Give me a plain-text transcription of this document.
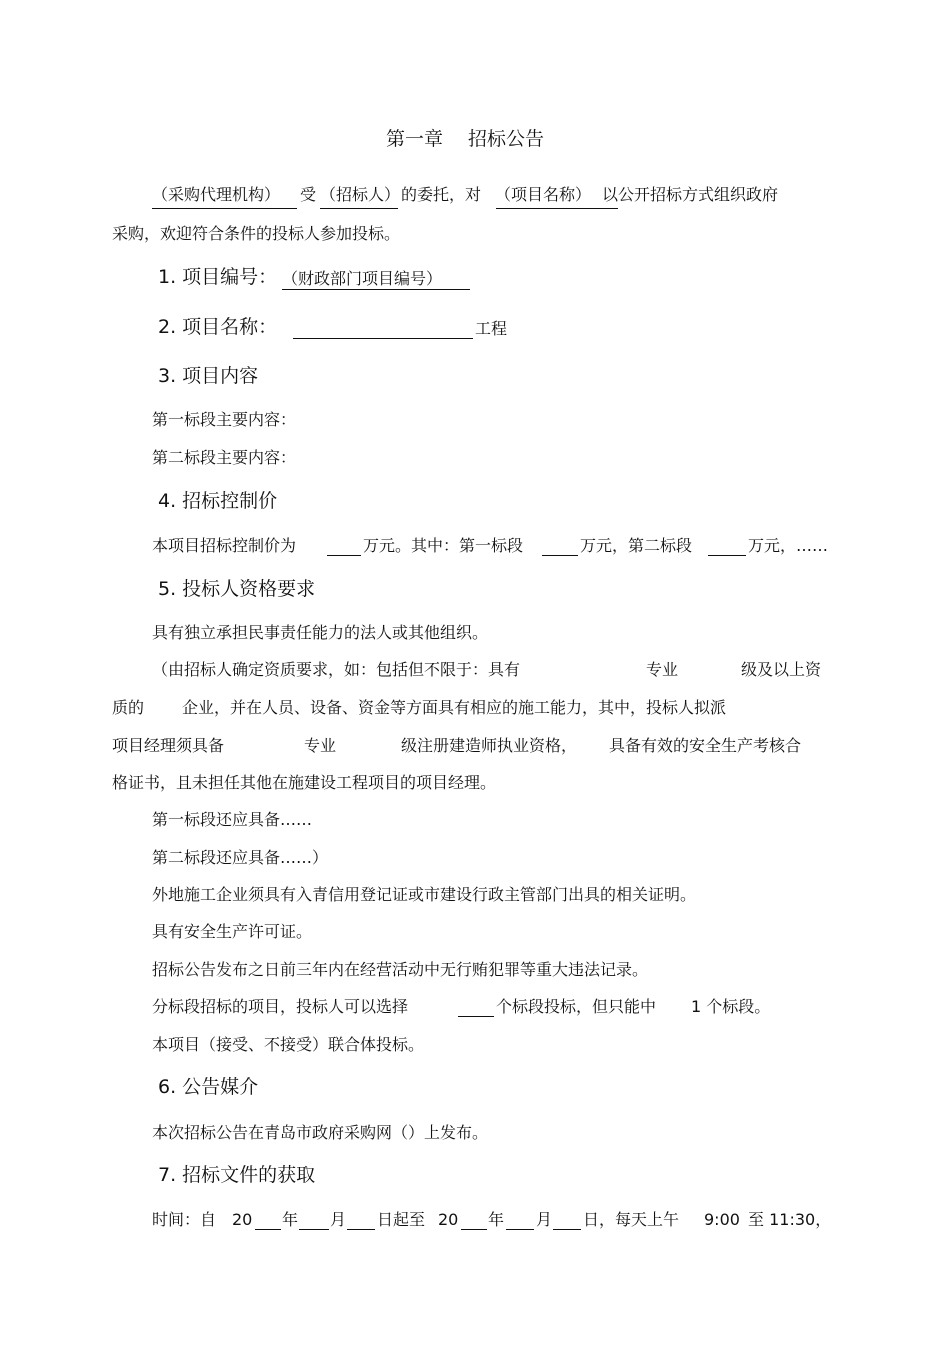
第一章　 招标公告
（采购代理机构） 受 （招标人） 的委托，对 （项目名称） 以公开招标方式组织政府
采购，欢迎符合条件的投标人参加投标。
1. 项目编号： （财政部门项目编号）
2. 项目名称：	工程
3. 项目内容
第一标段主要内容：
第二标段主要内容：
4. 招标控制价
本项目招标控制价为	万元。其中：第一标段	万元，第二标段	万元，……
5. 投标人资格要求
具有独立承担民事责任能力的法人或其他组织。
（由招标人确定资质要求，如：包括但不限于：具有	专业	级及以上资
质的 企业，并在人员、设备、资金等方面具有相应的施工能力，其中，投标人拟派
项目经理须具备	专业	级注册建造师执业资格， 具备有效的安全生产考核合
格证书，且未担任其他在施建设工程项目的项目经理。
第一标段还应具备……
第二标段还应具备……）
外地施工企业须具有入青信用登记证或市建设行政主管部门出具的相关证明。
具有安全生产许可证。
招标公告发布之日前三年内在经营活动中无行贿犯罪等重大违法记录。
分标段招标的项目，投标人可以选择	个标段投标，但只能中 1 个标段。
本项目（接受、不接受）联合体投标。
6. 公告媒介
本次招标公告在青岛市政府采购网（）上发布。
7. 招标文件的获取
时间：自 20 年 月 日起至 20 年 月 日，每天上午 9:00 至 11:30，
